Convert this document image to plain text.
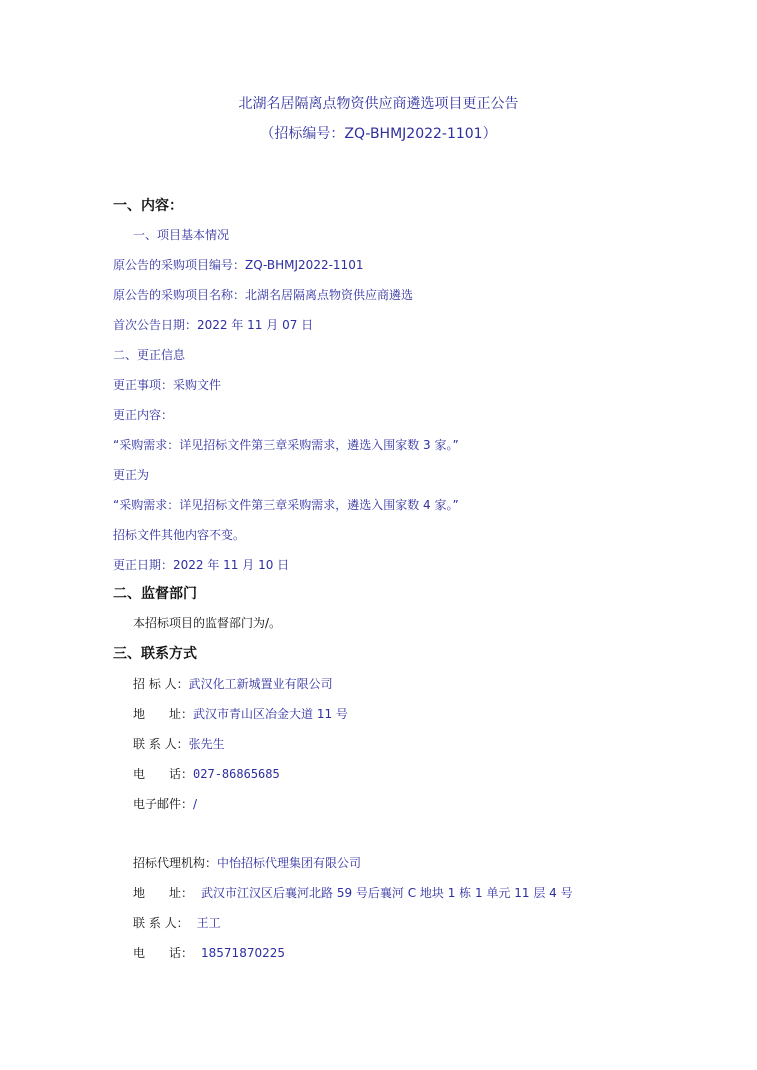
北湖名居隔离点物资供应商遴选项目更正公告
（招标编号：ZQ-BHMJ2022-1101）
一、内容：
一、项目基本情况
原公告的采购项目编号：ZQ-BHMJ2022-1101
原公告的采购项目名称：北湖名居隔离点物资供应商遴选
首次公告日期：2022 年 11 月 07 日
二、更正信息
更正事项：采购文件
更正内容：
“采购需求：详见招标文件第三章采购需求，遴选入围家数 3 家。”
更正为
“采购需求：详见招标文件第三章采购需求，遴选入围家数 4 家。”
招标文件其他内容不变。
更正日期：2022 年 11 月 10 日
二、监督部门
本招标项目的监督部门为/。
三、联系方式
招 标 人： 武汉化工新城置业有限公司
地　　址： 武汉市青山区冶金大道 11 号
联 系 人： 张先生
电　　话： 027-86865685
电子邮件： /
招标代理机构： 中怡招标代理集团有限公司
地　　址： 武汉市江汉区后襄河北路 59 号后襄河 C 地块 1 栋 1 单元 11 层 4 号
联 系 人： 王工
电　　话： 18571870225
